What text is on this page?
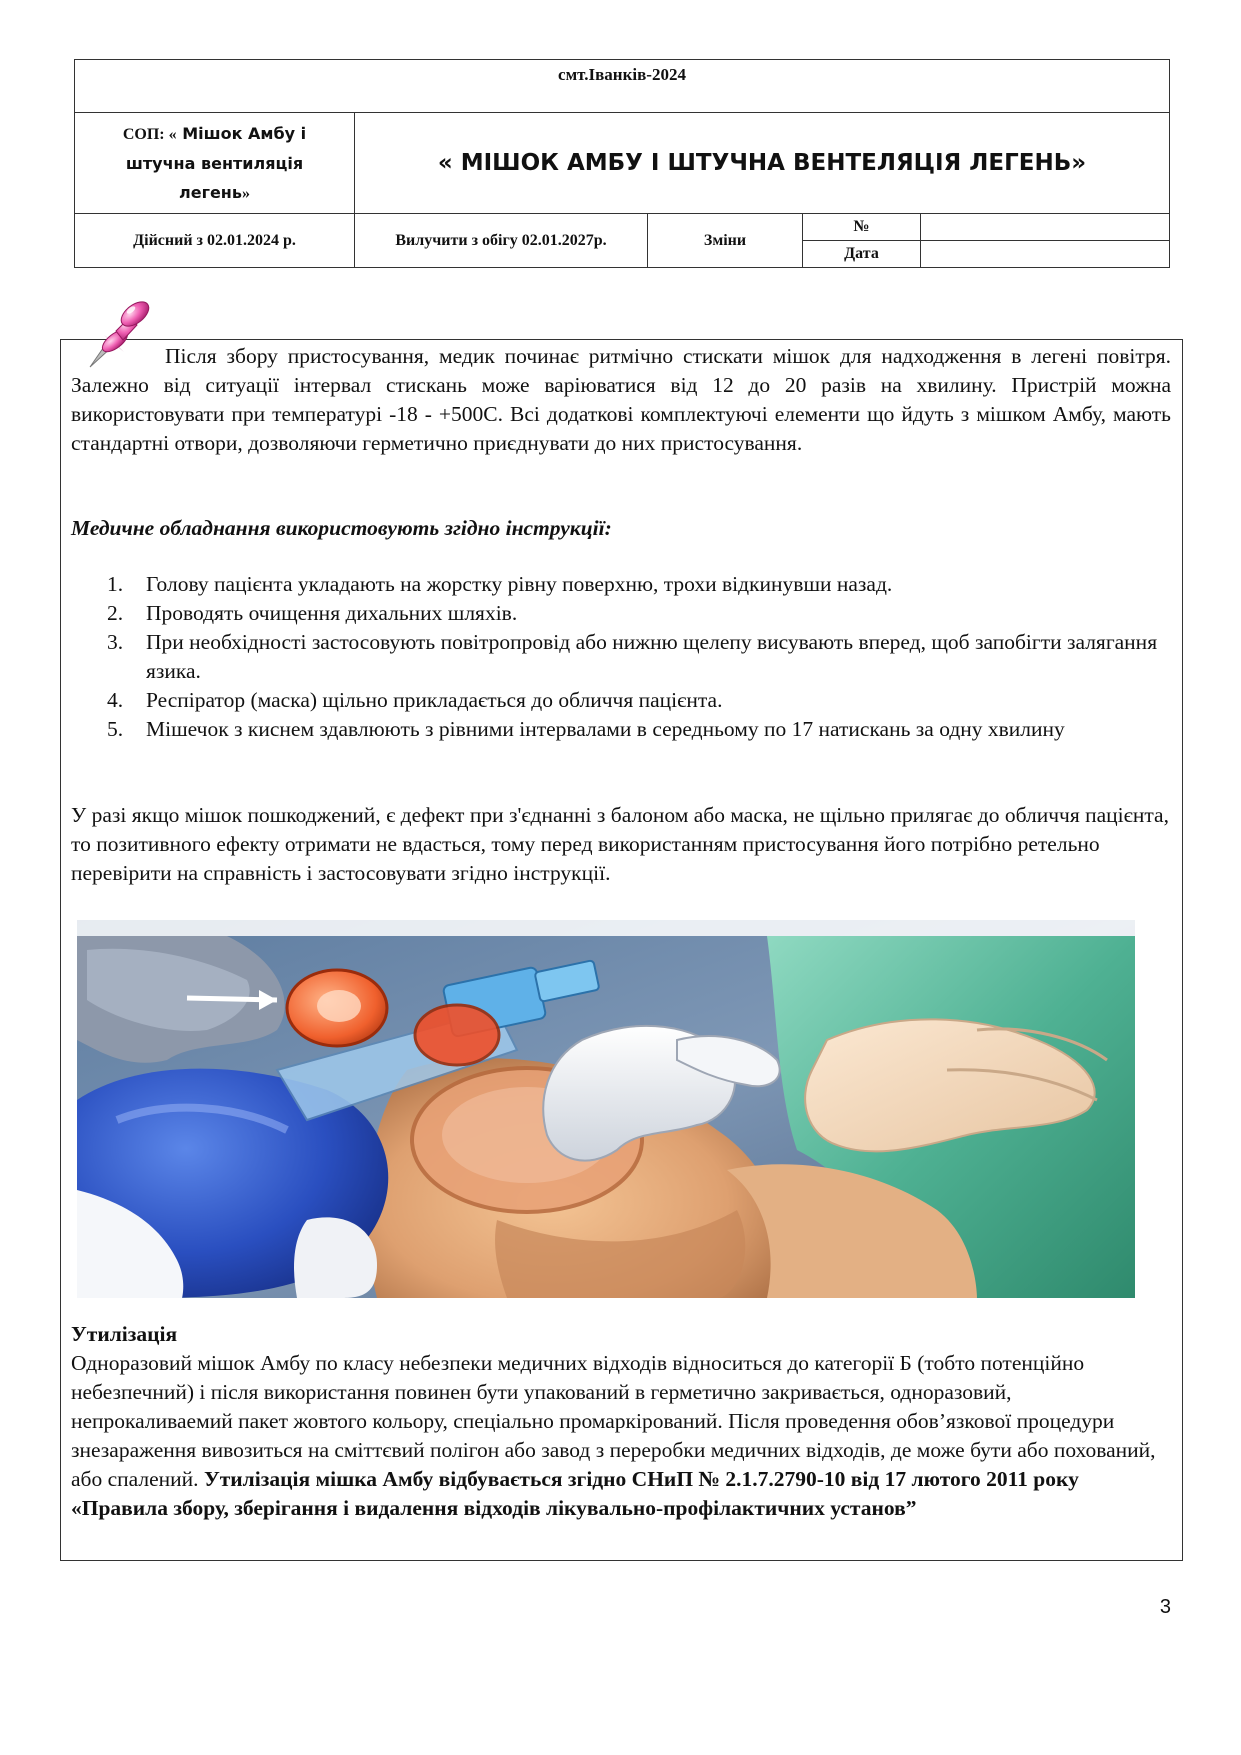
смт.Іванків-2024				
СОП: « Мішок Амбу і
штучна вентиляція
легень»	« МІШОК АМБУ І ШТУЧНА ВЕНТЕЛЯЦІЯ ЛЕГЕНЬ»			
Дійсний з 02.01.2024 р.	Вилучити з обігу 02.01.2027р.	Зміни	№	
			Дата	

Після збору пристосування, медик починає ритмічно стискати мішок для надходження в легені повітря. Залежно від ситуації інтервал стискань може варіюватися від 12 до 20 разів на хвилину. Пристрій можна використовувати при температурі -18 - +500С. Всі додаткові комплектуючі елементи що йдуть з мішком Амбу, мають стандартні отвори, дозволяючи герметично приєднувати до них пристосування.

Медичне обладнання використовують згідно інструкції:

1. Голову пацієнта укладають на жорстку рівну поверхню, трохи відкинувши назад.
2. Проводять очищення дихальних шляхів.
3. При необхідності застосовують повітропровід або нижню щелепу висувають вперед, щоб запобігти залягання язика.
4. Респіратор (маска) щільно прикладається до обличчя пацієнта.
5. Мішечок з киснем здавлюють з рівними інтервалами в середньому по 17 натискань за одну хвилину

У разі якщо мішок пошкоджений, є дефект при з'єднанні з балоном або маска, не щільно прилягає до обличчя пацієнта, то позитивного ефекту отримати не вдасться, тому перед використанням пристосування його потрібно ретельно перевірити на справність і застосовувати згідно інструкції.

Утилізація

Одноразовий мішок Амбу по класу небезпеки медичних відходів відноситься до категорії Б (тобто потенційно небезпечний) і після використання повинен бути упакований в герметично закривається, одноразовий, непрокаливаемий пакет жовтого кольору, спеціально промаркірований. Після проведення обов’язкової процедури знезараження вивозиться на сміттєвий полігон або завод з переробки медичних відходів, де може бути або похований, або спалений. Утилізація мішка Амбу відбувається згідно СНиП № 2.1.7.2790-10 від 17 лютого 2011 року «Правила збору, зберігання і видалення відходів лікувально-профілактичних установ”

3
